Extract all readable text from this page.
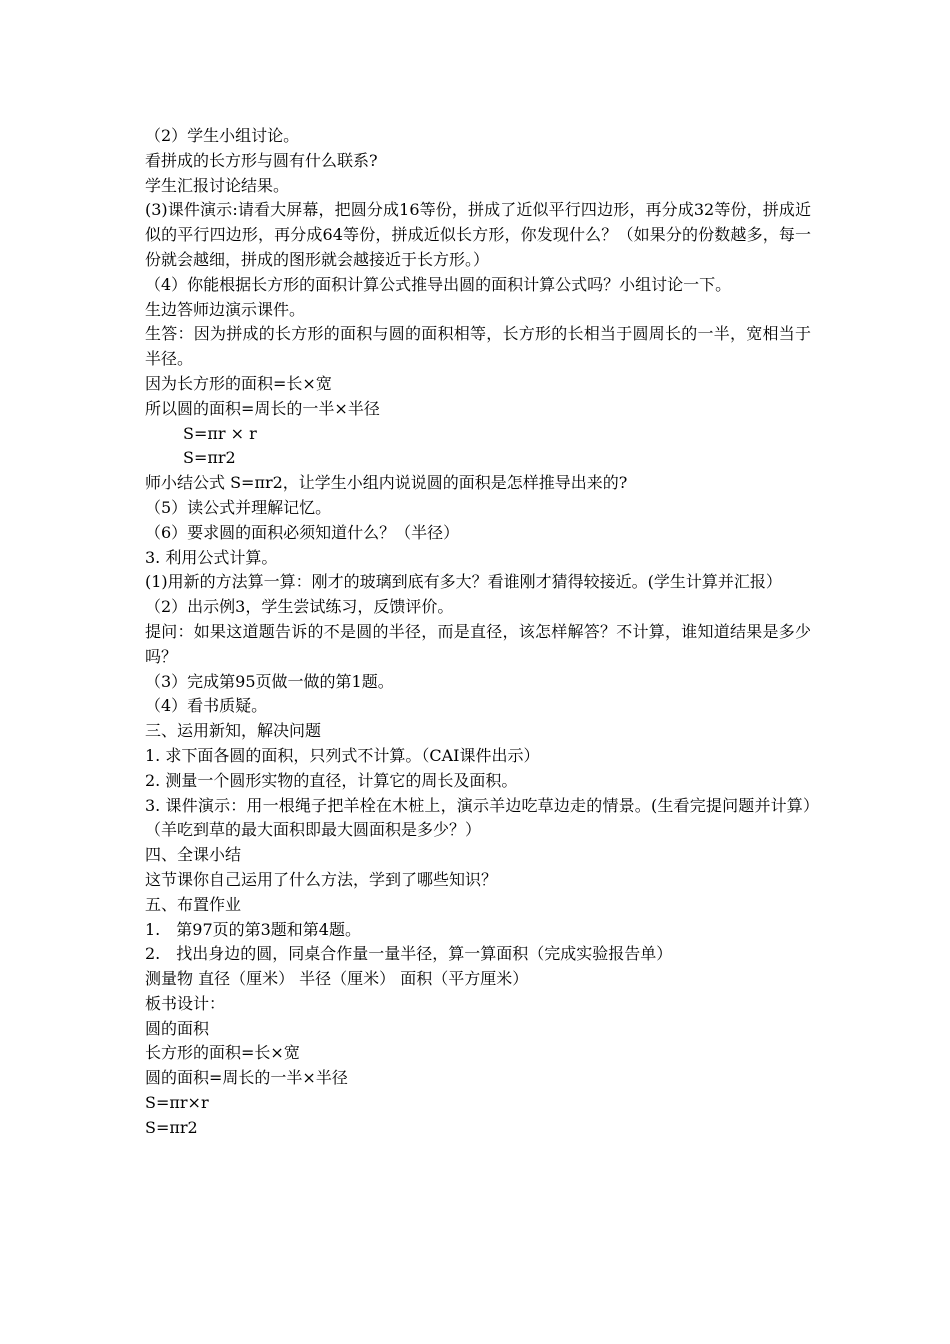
（2）学生小组讨论。

看拼成的长方形与圆有什么联系?

学生汇报讨论结果。

(3)课件演示:请看大屏幕，把圆分成16等份，拼成了近似平行四边形，再分成32等份，拼成近似的平行四边形，再分成64等份，拼成近似长方形，你发现什么？（如果分的份数越多，每一份就会越细，拼成的图形就会越接近于长方形。）

（4）你能根据长方形的面积计算公式推导出圆的面积计算公式吗？小组讨论一下。

生边答师边演示课件。

生答：因为拼成的长方形的面积与圆的面积相等，长方形的长相当于圆周长的一半，宽相当于半径。

因为长方形的面积=长×宽

所以圆的面积=周长的一半×半径

S=πr × r

S=πr2

师小结公式 S=πr2，让学生小组内说说圆的面积是怎样推导出来的?

（5）读公式并理解记忆。

（6）要求圆的面积必须知道什么？（半径）

3. 利用公式计算。

(1)用新的方法算一算：刚才的玻璃到底有多大？看谁刚才猜得较接近。(学生计算并汇报）

（2）出示例3，学生尝试练习，反馈评价。

提问：如果这道题告诉的不是圆的半径，而是直径，该怎样解答？不计算，谁知道结果是多少吗？

（3）完成第95页做一做的第1题。

（4）看书质疑。

三、运用新知，解决问题

1. 求下面各圆的面积，只列式不计算。（CAI课件出示）

2. 测量一个圆形实物的直径，计算它的周长及面积。

3. 课件演示：用一根绳子把羊栓在木桩上，演示羊边吃草边走的情景。(生看完提问题并计算）（羊吃到草的最大面积即最大圆面积是多少？）

四、全课小结

这节课你自己运用了什么方法，学到了哪些知识？

五、布置作业

1.　第97页的第3题和第4题。

2.　找出身边的圆，同桌合作量一量半径，算一算面积（完成实验报告单）

测量物 直径（厘米） 半径（厘米） 面积（平方厘米）

板书设计：

圆的面积

长方形的面积=长×宽

圆的面积=周长的一半×半径

S=πr×r

S=πr2
